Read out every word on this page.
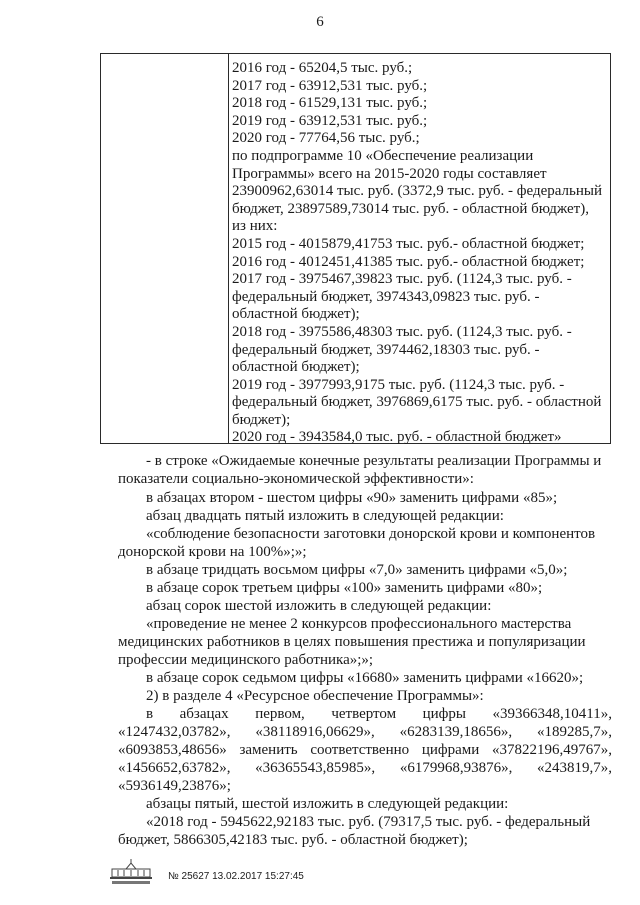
6
2016 год - 65204,5 тыс. руб.;
2017 год - 63912,531 тыс. руб.;
2018 год - 61529,131 тыс. руб.;
2019 год - 63912,531 тыс. руб.;
2020 год - 77764,56 тыс. руб.;
по подпрограмме 10 «Обеспечение реализации
Программы» всего на 2015-2020 годы составляет
23900962,63014 тыс. руб. (3372,9 тыс. руб. - федеральный
бюджет, 23897589,73014 тыс. руб. - областной бюджет),
из них:
2015 год - 4015879,41753 тыс. руб.- областной бюджет;
2016 год - 4012451,41385 тыс. руб.- областной бюджет;
2017 год - 3975467,39823 тыс. руб. (1124,3 тыс. руб. -
федеральный бюджет, 3974343,09823 тыс. руб. -
областной бюджет);
2018 год - 3975586,48303 тыс. руб. (1124,3 тыс. руб. -
федеральный бюджет, 3974462,18303 тыс. руб. -
областной бюджет);
2019 год - 3977993,9175 тыс. руб. (1124,3 тыс. руб. -
федеральный бюджет, 3976869,6175 тыс. руб. - областной
бюджет);
2020 год - 3943584,0 тыс. руб. - областной бюджет»
- в строке «Ожидаемые конечные результаты реализации Программы и
показатели социально-экономической эффективности»:
в абзацах втором - шестом цифры «90» заменить цифрами «85»;
абзац двадцать пятый изложить в следующей редакции:
«соблюдение безопасности заготовки донорской крови и компонентов
донорской крови на 100%»;»;
в абзаце тридцать восьмом цифры «7,0» заменить цифрами «5,0»;
в абзаце сорок третьем цифры «100» заменить цифрами «80»;
абзац сорок шестой изложить в следующей редакции:
«проведение не менее 2 конкурсов профессионального мастерства
медицинских работников в целях повышения престижа и популяризации
профессии медицинского работника»;»;
в абзаце сорок седьмом цифры «16680» заменить цифрами «16620»;
2) в разделе 4 «Ресурсное обеспечение Программы»:
в абзацах первом, четвертом цифры «39366348,10411»,
«1247432,03782», «38118916,06629», «6283139,18656», «189285,7»,
«6093853,48656» заменить соответственно цифрами «37822196,49767»,
«1456652,63782», «36365543,85985», «6179968,93876», «243819,7»,
«5936149,23876»;
абзацы пятый, шестой изложить в следующей редакции:
«2018 год - 5945622,92183 тыс. руб. (79317,5 тыс. руб. - федеральный
бюджет, 5866305,42183 тыс. руб. - областной бюджет);
№ 25627 13.02.2017 15:27:45
